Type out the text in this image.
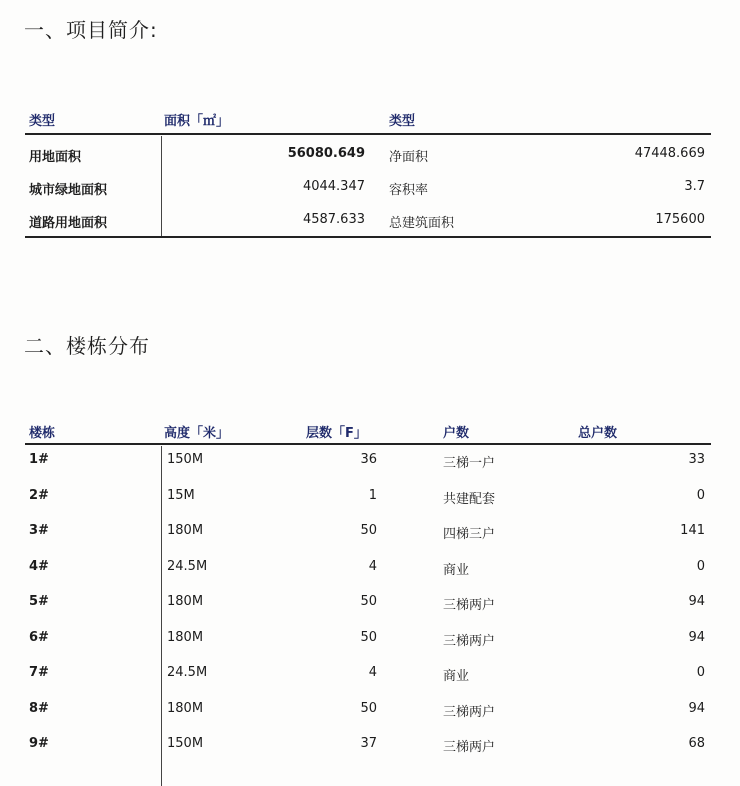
一、项目简介:
类型	面积「㎡」	类型
用地面积	56080.649 净面积	47448.669
城市绿地面积	4044.347 容积率	3.7
道路用地面积	4587.633 总建筑面积	175600
二、楼栋分布
楼栋	高度「米」	层数「F」	户数	总户数
1#	150M	36	三梯一户	33
2#	15M	1	共建配套	0
3#	180M	50	四梯三户	141
4#	24.5M	4	商业	0
5#	180M	50	三梯两户	94
6#	180M	50	三梯两户	94
7#	24.5M	4	商业	0
8#	180M	50	三梯两户	94
9#	150M	37	三梯两户	68
